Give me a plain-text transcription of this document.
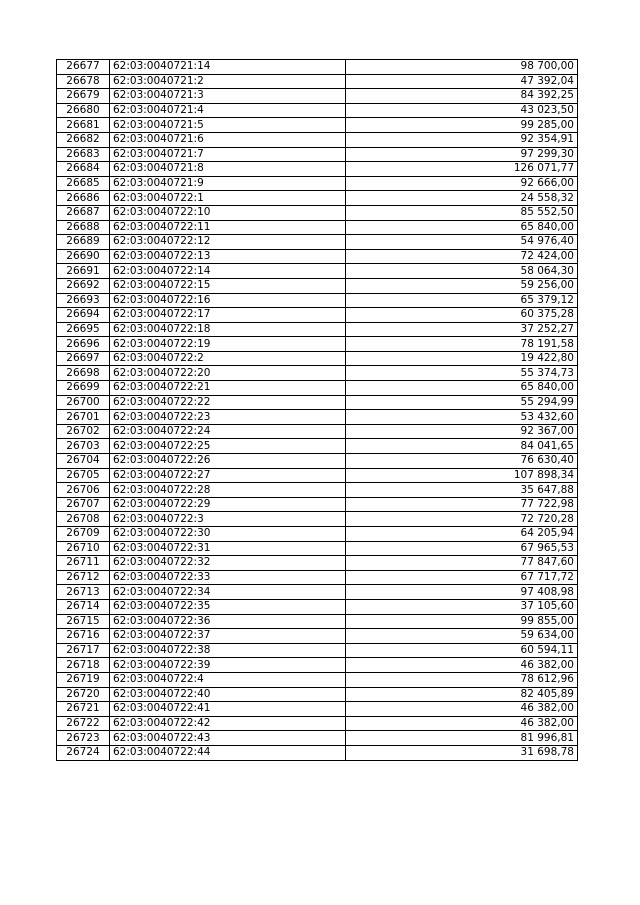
26677	62:03:0040721:14	98 700,00
26678	62:03:0040721:2	47 392,04
26679	62:03:0040721:3	84 392,25
26680	62:03:0040721:4	43 023,50
26681	62:03:0040721:5	99 285,00
26682	62:03:0040721:6	92 354,91
26683	62:03:0040721:7	97 299,30
26684	62:03:0040721:8	126 071,77
26685	62:03:0040721:9	92 666,00
26686	62:03:0040722:1	24 558,32
26687	62:03:0040722:10	85 552,50
26688	62:03:0040722:11	65 840,00
26689	62:03:0040722:12	54 976,40
26690	62:03:0040722:13	72 424,00
26691	62:03:0040722:14	58 064,30
26692	62:03:0040722:15	59 256,00
26693	62:03:0040722:16	65 379,12
26694	62:03:0040722:17	60 375,28
26695	62:03:0040722:18	37 252,27
26696	62:03:0040722:19	78 191,58
26697	62:03:0040722:2	19 422,80
26698	62:03:0040722:20	55 374,73
26699	62:03:0040722:21	65 840,00
26700	62:03:0040722:22	55 294,99
26701	62:03:0040722:23	53 432,60
26702	62:03:0040722:24	92 367,00
26703	62:03:0040722:25	84 041,65
26704	62:03:0040722:26	76 630,40
26705	62:03:0040722:27	107 898,34
26706	62:03:0040722:28	35 647,88
26707	62:03:0040722:29	77 722,98
26708	62:03:0040722:3	72 720,28
26709	62:03:0040722:30	64 205,94
26710	62:03:0040722:31	67 965,53
26711	62:03:0040722:32	77 847,60
26712	62:03:0040722:33	67 717,72
26713	62:03:0040722:34	97 408,98
26714	62:03:0040722:35	37 105,60
26715	62:03:0040722:36	99 855,00
26716	62:03:0040722:37	59 634,00
26717	62:03:0040722:38	60 594,11
26718	62:03:0040722:39	46 382,00
26719	62:03:0040722:4	78 612,96
26720	62:03:0040722:40	82 405,89
26721	62:03:0040722:41	46 382,00
26722	62:03:0040722:42	46 382,00
26723	62:03:0040722:43	81 996,81
26724	62:03:0040722:44	31 698,78
